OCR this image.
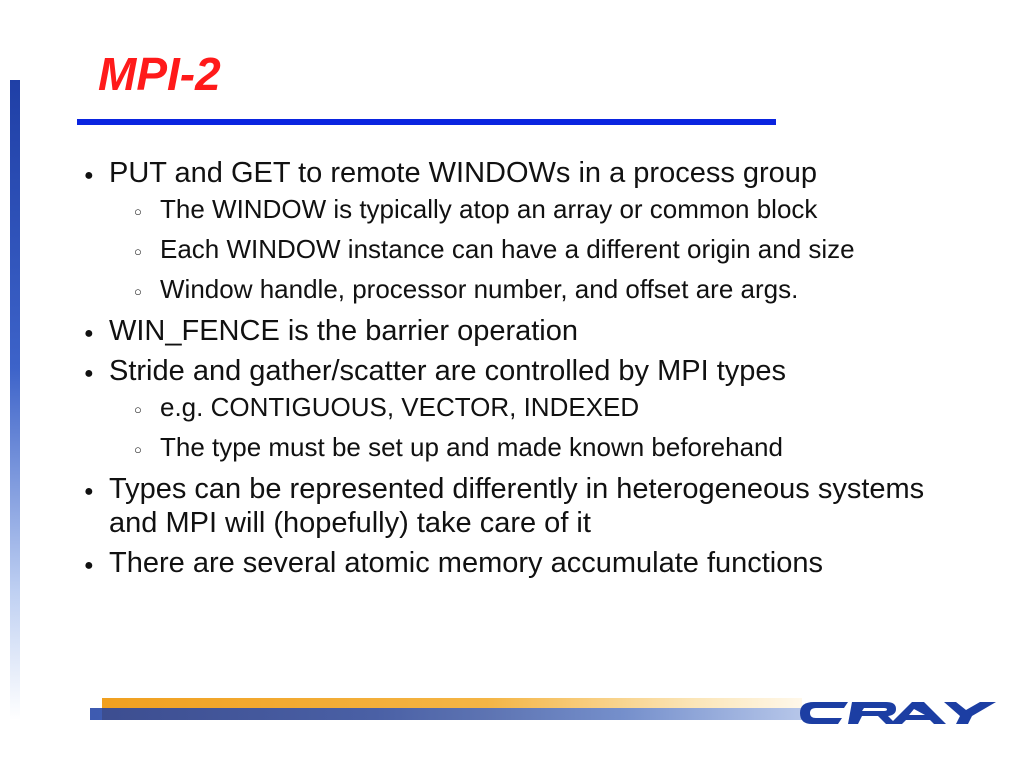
MPI-2
● PUT and GET to remote WINDOWs in a process group
○ The WINDOW is typically atop an array or common block
○ Each WINDOW instance can have a different origin and size
○ Window handle, processor number, and offset are args.
● WIN_FENCE is the barrier operation
● Stride and gather/scatter are controlled by MPI types
○ e.g. CONTIGUOUS, VECTOR, INDEXED
○ The type must be set up and made known beforehand
● Types can be represented differently in heterogeneous systems and MPI will (hopefully) take care of it
● There are several atomic memory accumulate functions
